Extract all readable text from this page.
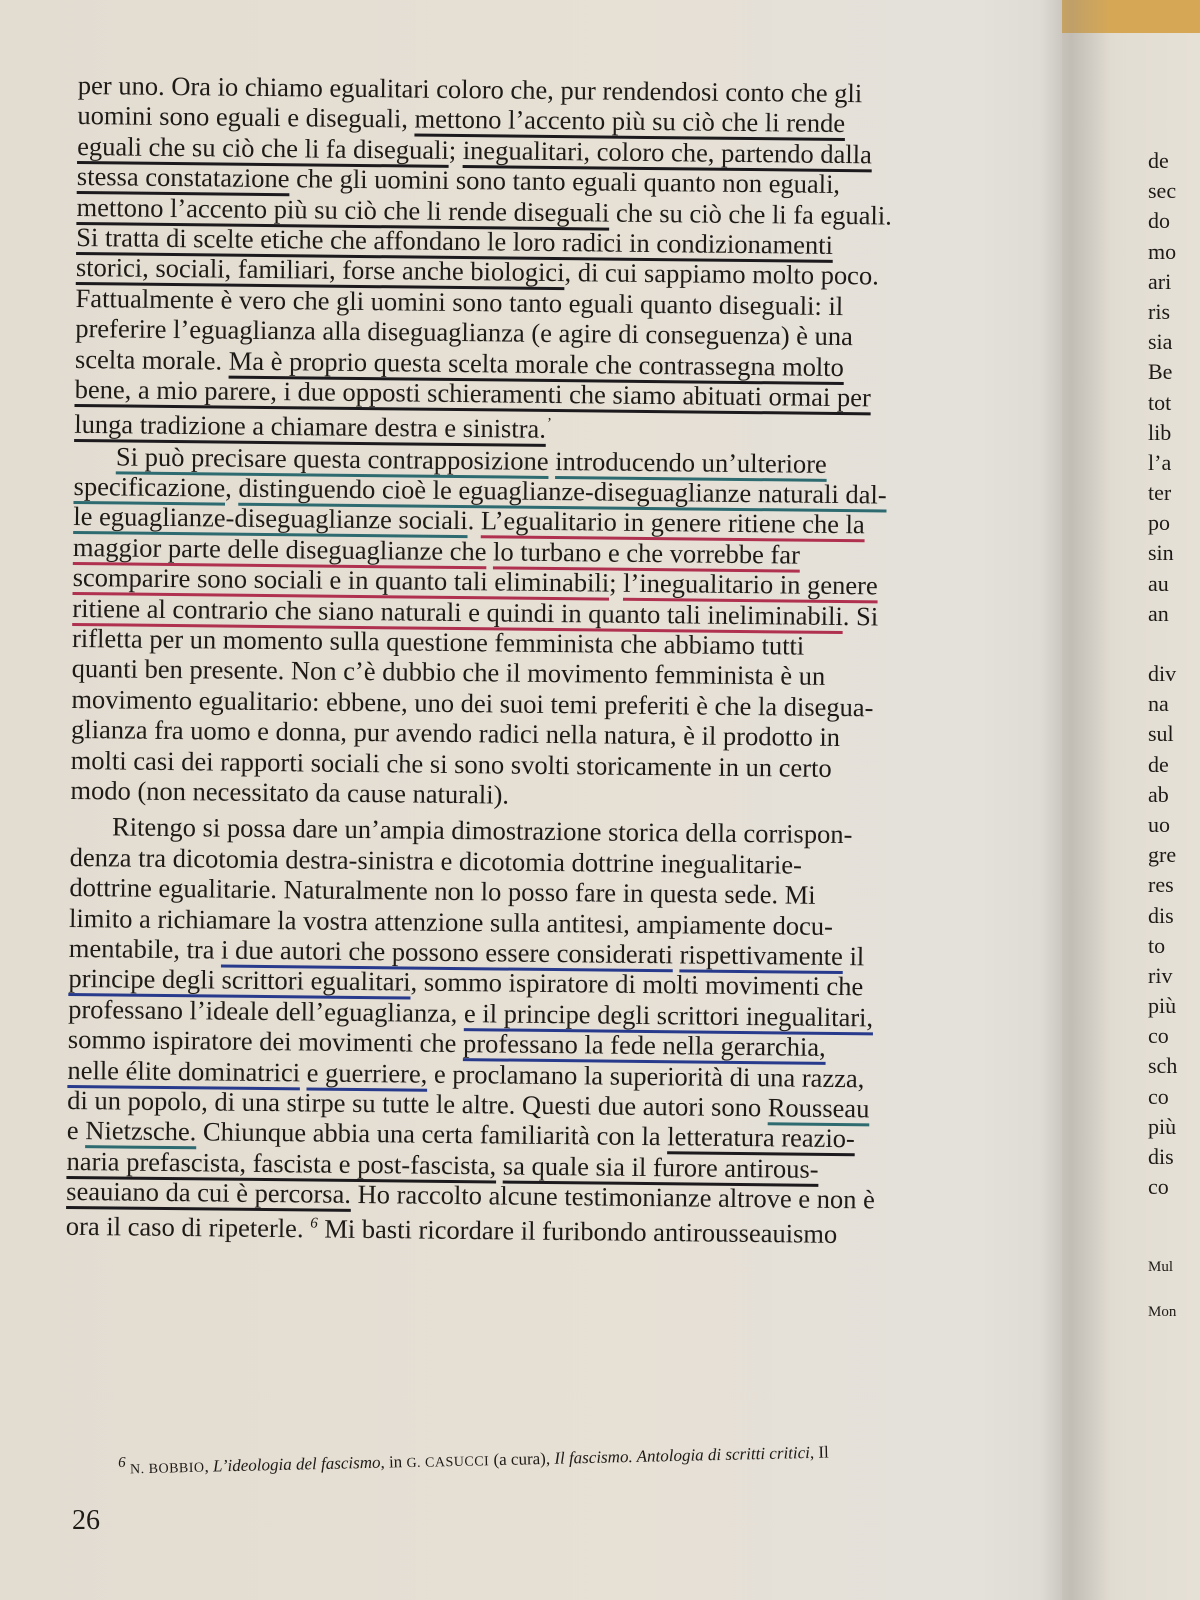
per uno. Ora io chiamo egualitari coloro che, pur rendendosi conto che gli
uomini sono eguali e diseguali, mettono l’accento più su ciò che li rende
eguali che su ciò che li fa diseguali; inegualitari, coloro che, partendo dalla
stessa constatazione che gli uomini sono tanto eguali quanto non eguali,
mettono l’accento più su ciò che li rende diseguali che su ciò che li fa eguali.
Si tratta di scelte etiche che affondano le loro radici in condizionamenti
storici, sociali, familiari, forse anche biologici, di cui sappiamo molto poco.
Fattualmente è vero che gli uomini sono tanto eguali quanto diseguali: il
preferire l’eguaglianza alla diseguaglianza (e agire di conseguenza) è una
scelta morale. Ma è proprio questa scelta morale che contrassegna molto
bene, a mio parere, i due opposti schieramenti che siamo abituati ormai per
lunga tradizione a chiamare destra e sinistra.’
Si può precisare questa contrapposizione introducendo un’ulteriore
specificazione, distinguendo cioè le eguaglianze-diseguaglianze naturali dal-
le eguaglianze-diseguaglianze sociali. L’egualitario in genere ritiene che la
maggior parte delle diseguaglianze che lo turbano e che vorrebbe far
scomparire sono sociali e in quanto tali eliminabili; l’inegualitario in genere
ritiene al contrario che siano naturali e quindi in quanto tali ineliminabili. Si
rifletta per un momento sulla questione femminista che abbiamo tutti
quanti ben presente. Non c’è dubbio che il movimento femminista è un
movimento egualitario: ebbene, uno dei suoi temi preferiti è che la disegua-
glianza fra uomo e donna, pur avendo radici nella natura, è il prodotto in
molti casi dei rapporti sociali che si sono svolti storicamente in un certo
modo (non necessitato da cause naturali).
Ritengo si possa dare un’ampia dimostrazione storica della corrispon-
denza tra dicotomia destra-sinistra e dicotomia dottrine inegualitarie-
dottrine egualitarie. Naturalmente non lo posso fare in questa sede. Mi
limito a richiamare la vostra attenzione sulla antitesi, ampiamente docu-
mentabile, tra i due autori che possono essere considerati rispettivamente il
principe degli scrittori egualitari, sommo ispiratore di molti movimenti che
professano l’ideale dell’eguaglianza, e il principe degli scrittori inegualitari,
sommo ispiratore dei movimenti che professano la fede nella gerarchia,
nelle élite dominatrici e guerriere, e proclamano la superiorità di una razza,
di un popolo, di una stirpe su tutte le altre. Questi due autori sono Rousseau
e Nietzsche. Chiunque abbia una certa familiarità con la letteratura reazio-
naria prefascista, fascista e post-fascista, sa quale sia il furore antirous-
seauiano da cui è percorsa. Ho raccolto alcune testimonianze altrove e non è
ora il caso di ripeterle. $^6$ Mi basti ricordare il furibondo antirousseauismo
6 N. BOBBIO, L’ideologia del fascismo, in G. CASUCCI (a cura), Il fascismo. Antologia di scritti critici, Il
26
de
sec
do
mo
ari
ris
sia
Be
tot
lib
l’a
ter
po
sin
au
an
div
na
sul
de
ab
uo
gre
res
dis
to
riv
più
co
sch
co
più
dis
co
Mul
Mon
